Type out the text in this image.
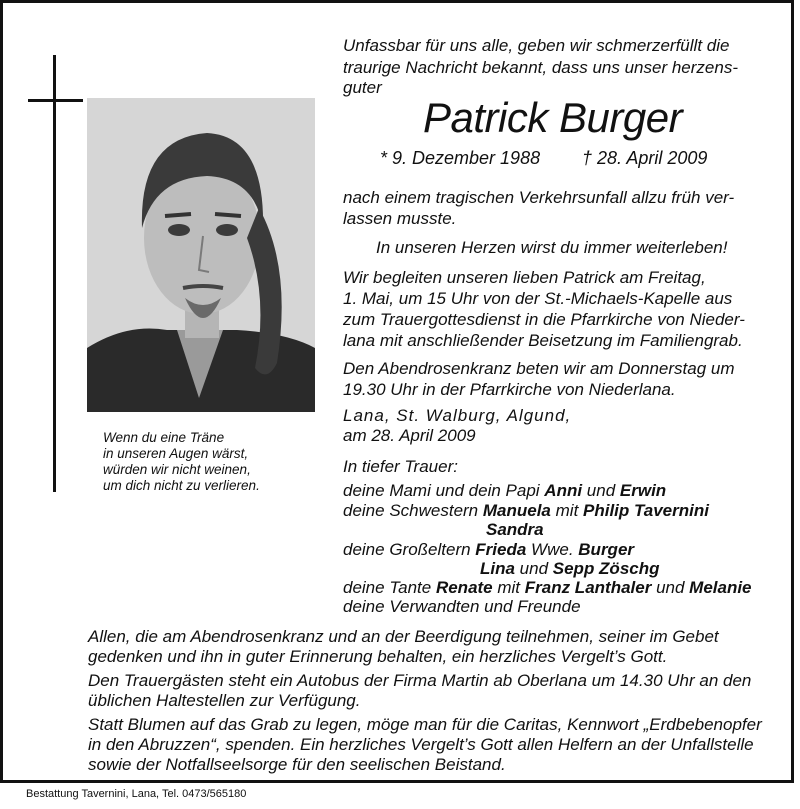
Wenn du eine Träne
in unseren Augen wärst,
würden wir nicht weinen,
um dich nicht zu verlieren.
Unfassbar für uns alle, geben wir schmerzerfüllt die
traurige Nachricht bekannt, dass uns unser herzens-
guter
Patrick Burger
* 9. Dezember 1988 † 28. April 2009
nach einem tragischen Verkehrsunfall allzu früh ver-
lassen musste.
In unseren Herzen wirst du immer weiterleben!
Wir begleiten unseren lieben Patrick am Freitag,
1. Mai, um 15 Uhr von der St.-Michaels-Kapelle aus
zum Trauergottesdienst in die Pfarrkirche von Nieder-
lana mit anschließender Beisetzung im Familiengrab.
Den Abendrosenkranz beten wir am Donnerstag um
19.30 Uhr in der Pfarrkirche von Niederlana.
Lana, St. Walburg, Algund,
am 28. April 2009
In tiefer Trauer:
deine Mami und dein Papi Anni und Erwin
deine Schwestern Manuela mit Philip Tavernini
Sandra
deine Großeltern Frieda Wwe. Burger
Lina und Sepp Zöschg
deine Tante Renate mit Franz Lanthaler und Melanie
deine Verwandten und Freunde
Allen, die am Abendrosenkranz und an der Beerdigung teilnehmen, seiner im Gebet
gedenken und ihn in guter Erinnerung behalten, ein herzliches Vergelt’s Gott.
Den Trauergästen steht ein Autobus der Firma Martin ab Oberlana um 14.30 Uhr an den
üblichen Haltestellen zur Verfügung.
Statt Blumen auf das Grab zu legen, möge man für die Caritas, Kennwort „Erdbebenopfer
in den Abruzzen“, spenden. Ein herzliches Vergelt’s Gott allen Helfern an der Unfallstelle
sowie der Notfallseelsorge für den seelischen Beistand.
Bestattung Tavernini, Lana, Tel. 0473/565180
